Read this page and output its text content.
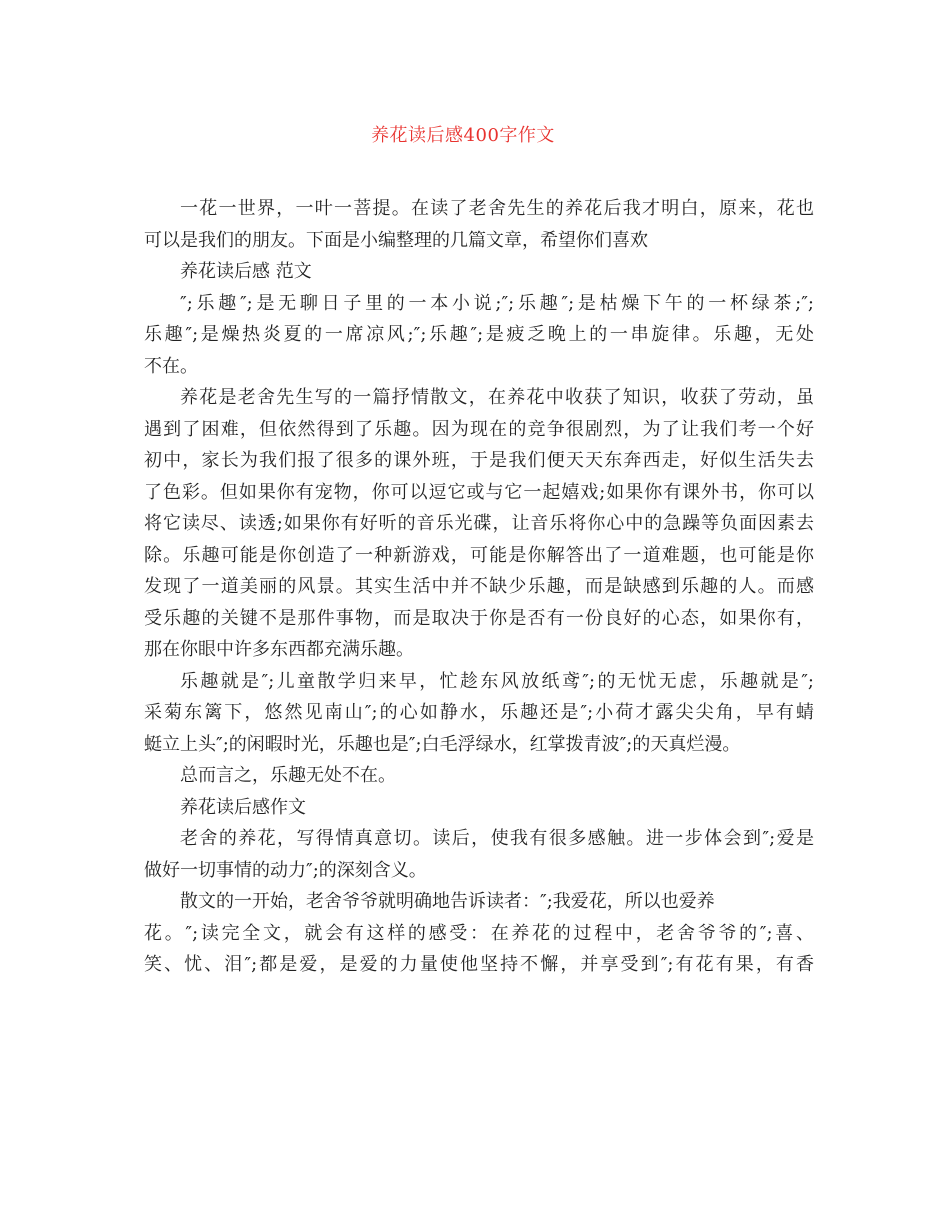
养花读后感400字作文
一花一世界，一叶一菩提。在读了老舍先生的养花后我才明白，原来，花也
可以是我们的朋友。下面是小编整理的几篇文章，希望你们喜欢
养花读后感 范文
″;乐趣″;是无聊日子里的一本小说;″;乐趣″;是枯燥下午的一杯绿茶;″;
乐趣″;是燥热炎夏的一席凉风;″;乐趣″;是疲乏晚上的一串旋律。乐趣，无处
不在。
养花是老舍先生写的一篇抒情散文，在养花中收获了知识，收获了劳动，虽
遇到了困难，但依然得到了乐趣。因为现在的竞争很剧烈，为了让我们考一个好
初中，家长为我们报了很多的课外班，于是我们便天天东奔西走，好似生活失去
了色彩。但如果你有宠物，你可以逗它或与它一起嬉戏;如果你有课外书，你可以
将它读尽、读透;如果你有好听的音乐光碟，让音乐将你心中的急躁等负面因素去
除。乐趣可能是你创造了一种新游戏，可能是你解答出了一道难题，也可能是你
发现了一道美丽的风景。其实生活中并不缺少乐趣，而是缺感到乐趣的人。而感
受乐趣的关键不是那件事物，而是取决于你是否有一份良好的心态，如果你有，
那在你眼中许多东西都充满乐趣。
乐趣就是″;儿童散学归来早，忙趁东风放纸鸢″;的无忧无虑，乐趣就是″;
采菊东篱下，悠然见南山″;的心如静水，乐趣还是″;小荷才露尖尖角，早有蜻
蜓立上头″;的闲暇时光，乐趣也是″;白毛浮绿水，红掌拨青波″;的天真烂漫。
总而言之，乐趣无处不在。
养花读后感作文
老舍的养花，写得情真意切。读后，使我有很多感触。进一步体会到″;爱是
做好一切事情的动力″;的深刻含义。
散文的一开始，老舍爷爷就明确地告诉读者：″;我爱花，所以也爱养
花。″;读完全文，就会有这样的感受：在养花的过程中，老舍爷爷的″;喜、
笑、忧、泪″;都是爱，是爱的力量使他坚持不懈，并享受到″;有花有果，有香
